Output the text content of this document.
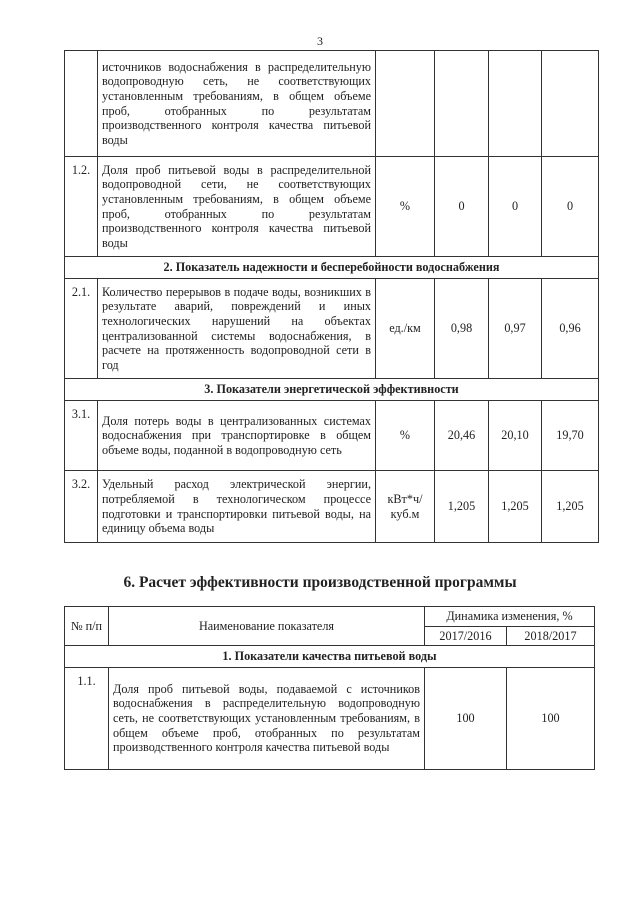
3
	источников водоснабжения в распределительную водопроводную сеть, не соответствующих установленным требованиям, в общем объеме проб, отобранных по результатам производственного контроля качества питьевой воды				
1.2.	Доля проб питьевой воды в распределительной водопроводной сети, не соответствующих установленным требованиям, в общем объеме проб, отобранных по результатам производственного контроля качества питьевой воды	%	0	0	0
2. Показатель надежности и бесперебойности водоснабжения					
2.1.	Количество перерывов в подаче воды, возникших в результате аварий, повреждений и иных технологических нарушений на объектах централизованной системы водоснабжения, в расчете на протяженность водопроводной сети в год	ед./км	0,98	0,97	0,96
3. Показатели энергетической эффективности					
3.1.	Доля потерь воды в централизованных системах водоснабжения при транспортировке в общем объеме воды, поданной в водопроводную сеть	%	20,46	20,10	19,70
3.2.	Удельный расход электрической энергии, потребляемой в технологическом процессе подготовки и транспортировки питьевой воды, на единицу объема воды	кВт*ч/ куб.м	1,205	1,205	1,205
6. Расчет эффективности производственной программы
№ п/п	Наименование показателя	Динамика изменения, %	
		2017/2016	2018/2017
1. Показатели качества питьевой воды			
1.1.	Доля проб питьевой воды, подаваемой с источников водоснабжения в распределительную водопроводную сеть, не соответствующих установленным требованиям, в общем объеме проб, отобранных по результатам производственного контроля качества питьевой воды	100	100
